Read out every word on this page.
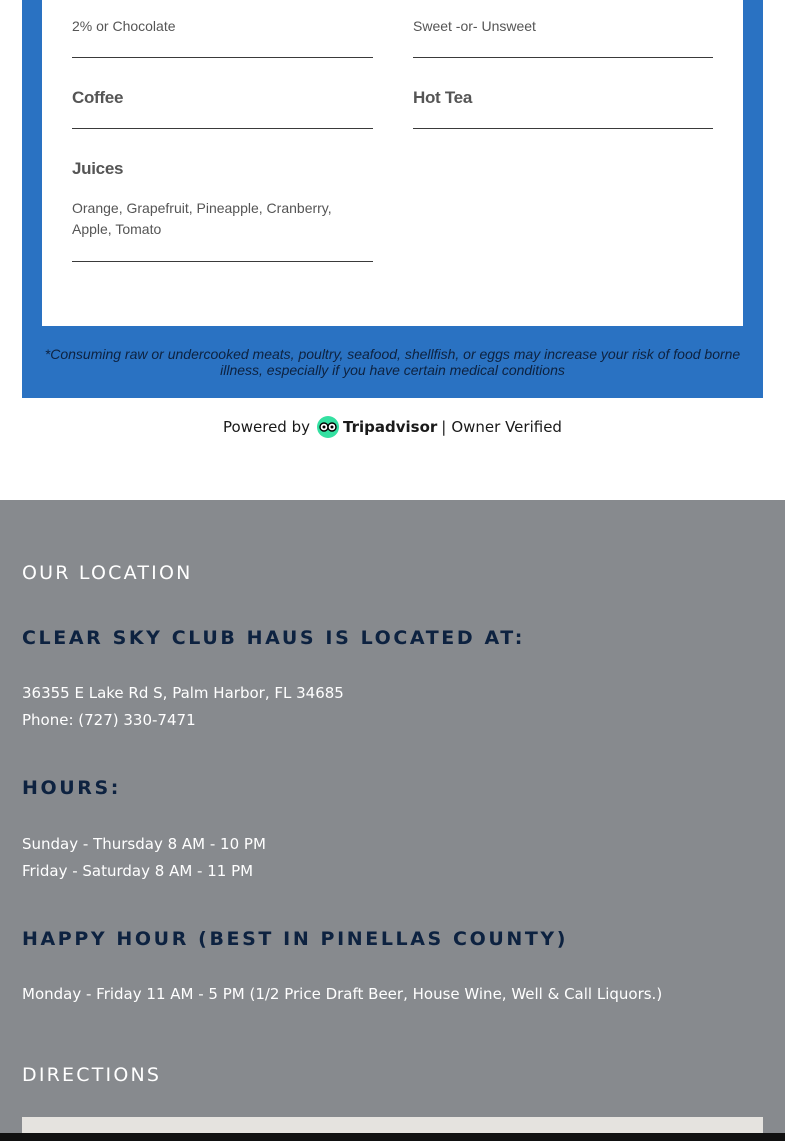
2% or Chocolate	Sweet -or- Unsweet
Coffee	Hot Tea
Juices
Orange, Grapefruit, Pineapple, Cranberry, Apple, Tomato
*Consuming raw or undercooked meats, poultry, seafood, shellfish, or eggs may increase your risk of food borne illness, especially if you have certain medical conditions
Powered by Tripadvisor | Owner Verified
OUR LOCATION
CLEAR SKY CLUB HAUS IS LOCATED AT:
36355 E Lake Rd S, Palm Harbor, FL 34685
Phone: (727) 330-7471
HOURS:
Sunday - Thursday 8 AM - 10 PM
Friday - Saturday 8 AM - 11 PM
HAPPY HOUR (BEST IN PINELLAS COUNTY)
Monday - Friday 11 AM - 5 PM (1/2 Price Draft Beer, House Wine, Well & Call Liquors.)
DIRECTIONS
